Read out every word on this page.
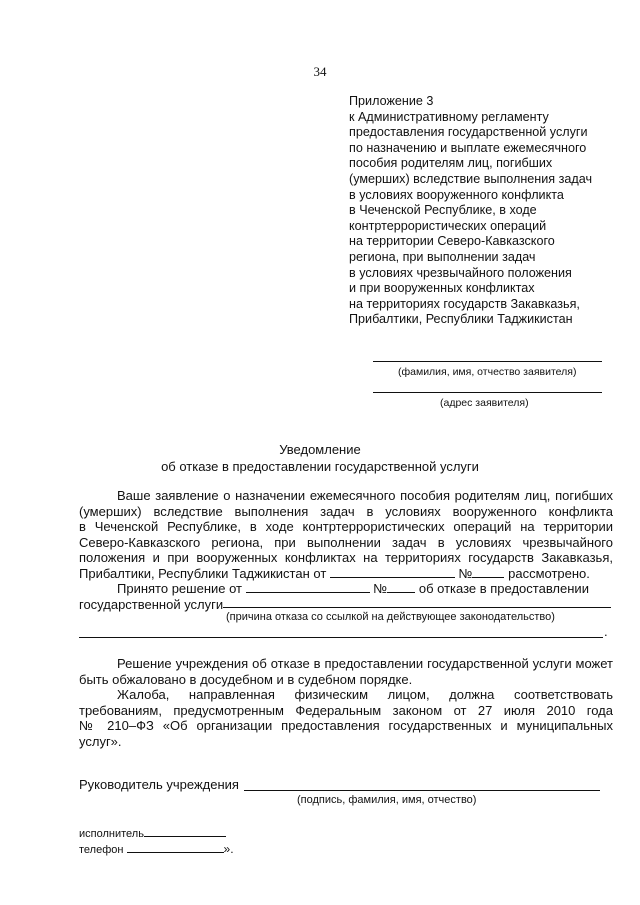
34
Приложение 3
к Административному регламенту
предоставления государственной услуги
по назначению и выплате ежемесячного
пособия родителям лиц, погибших
(умерших) вследствие выполнения задач
в условиях вооруженного конфликта
в Чеченской Республике, в ходе
контртеррористических операций
на территории Северо-Кавказского
региона, при выполнении задач
в условиях чрезвычайного положения
и при вооруженных конфликтах
на территориях государств Закавказья,
Прибалтики, Республики Таджикистан
(фамилия, имя, отчество заявителя)
(адрес заявителя)
Уведомление
об отказе в предоставлении государственной услуги
Ваше заявление о назначении ежемесячного пособия родителям лиц, погибших
(умерших) вследствие выполнения задач в условиях вооруженного конфликта
в Чеченской Республике, в ходе контртеррористических операций на территории
Северо-Кавказского региона, при выполнении задач в условиях чрезвычайного
положения и при вооруженных конфликтах на территориях государств Закавказья,
Прибалтики, Республики Таджикистан от	№	рассмотрено.
Принято решение от	№ об отказе в предоставлении
государственной услуги
(причина отказа со ссылкой на действующее законодательство)
.
Решение учреждения об отказе в предоставлении государственной услуги может
быть обжаловано в досудебном и в судебном порядке.
Жалоба, направленная физическим лицом, должна соответствовать
требованиям, предусмотренным Федеральным законом от 27 июля 2010 года
№ 210–ФЗ «Об организации предоставления государственных и муниципальных
услуг».
Руководитель учреждения
(подпись, фамилия, имя, отчество)
исполнитель
телефон	».
